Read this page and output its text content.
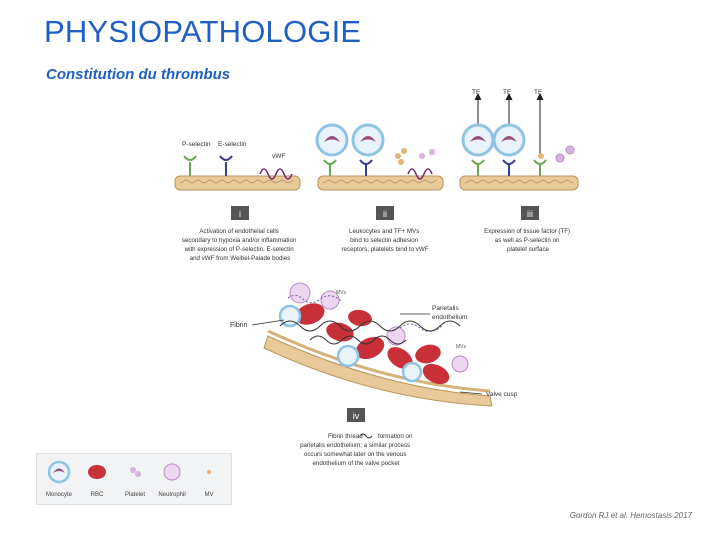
PHYSIOPATHOLOGIE
Constitution du thrombus
P-selectin E-selectin
vWF
TF	TF	TF
i	ii	iii
Activation of endothelial cells secondary to hypoxia and/or inflammation with expression of P-selectin, E-selectin and vWF from Weibel-Palade bodies
Leukocytes and TF+ MVs bind to selectin adhesion receptors; platelets bind to vWF
Expression of tissue factor (TF) as well as P-selectin on platelet surface
MVs
MVs
Fibrin
Parietalis endothelium
Valve cusp
iv
Fibrin thread formation on
parietalis endothelium; a similar process occurs somewhat later on the venous endothelium of the valve pocket
Monocyte	RBC	Platelet Neutrophil	MV
Gordon RJ et al. Hemostasis 2017
